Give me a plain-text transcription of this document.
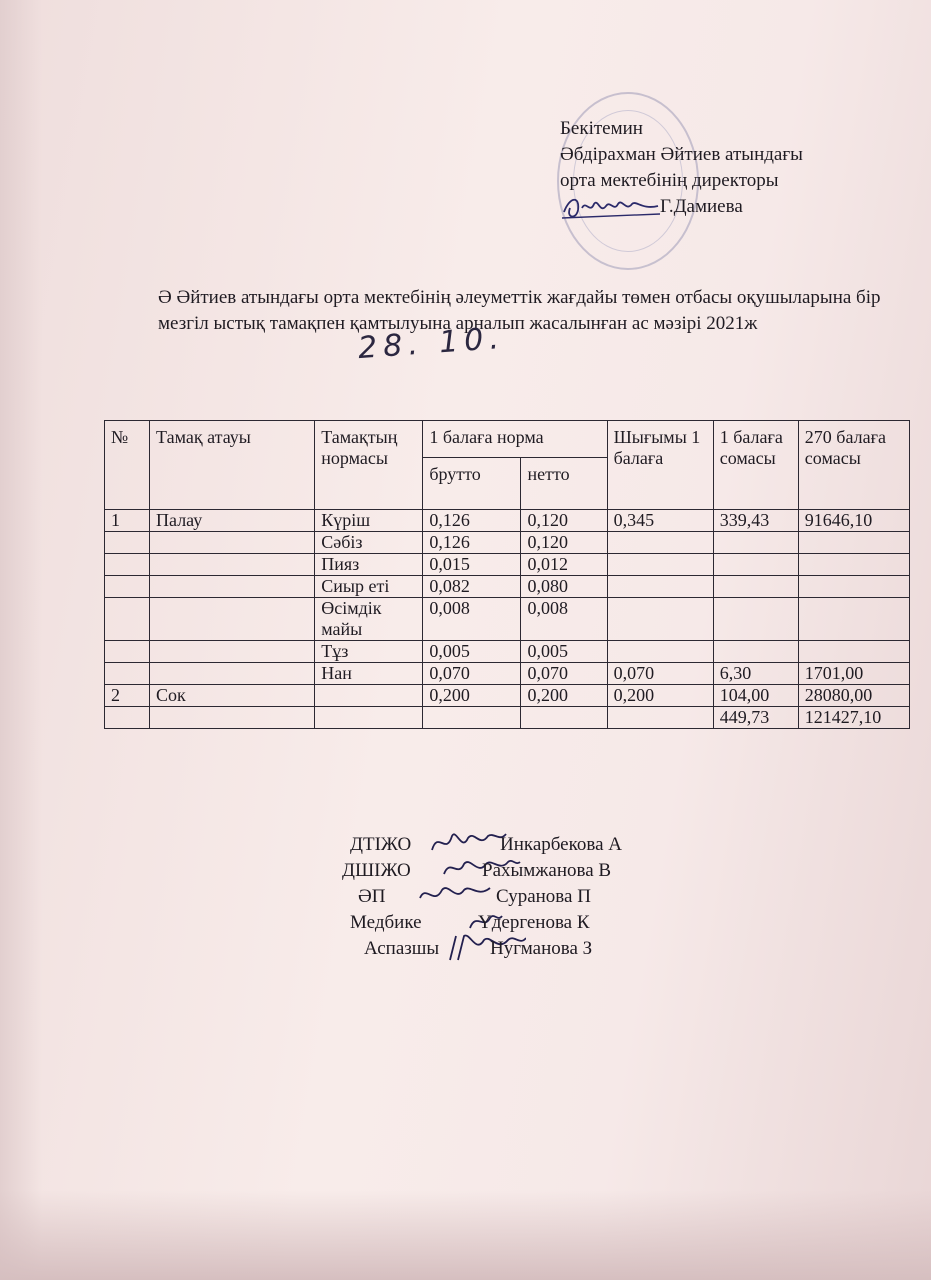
Бекітемин
Әбдірахман Әйтиев атындағы
орта мектебінің директоры
Г.Дамиева
Ә Әйтиев атындағы орта мектебінің әлеуметтік жағдайы төмен отбасы оқушыларына бір мезгіл ыстық тамақпен қамтылуына арналып жасалынған ас мәзірі 2021ж
28. 10.
№	Тамақ атауы	Тамақтың нормасы	1 балаға норма		Шығымы 1 балаға	1 балаға сомасы	270 балаға сомасы
			брутто	нетто			
1	Палау	Күріш	0,126	0,120	0,345	339,43	91646,10
		Сәбіз	0,126	0,120			
		Пияз	0,015	0,012			
		Сиыр еті	0,082	0,080			
		Өсімдік майы	0,008	0,008			
		Тұз	0,005	0,005			
		Нан	0,070	0,070	0,070	6,30	1701,00
2	Сок		0,200	0,200	0,200	104,00	28080,00
						449,73	121427,10
ДТІЖО	Инкарбекова А
ДШІЖО	Рахымжанова В
ӘП	Суранова П
Медбике	Үдергенова К
Аспазшы	Нугманова З
